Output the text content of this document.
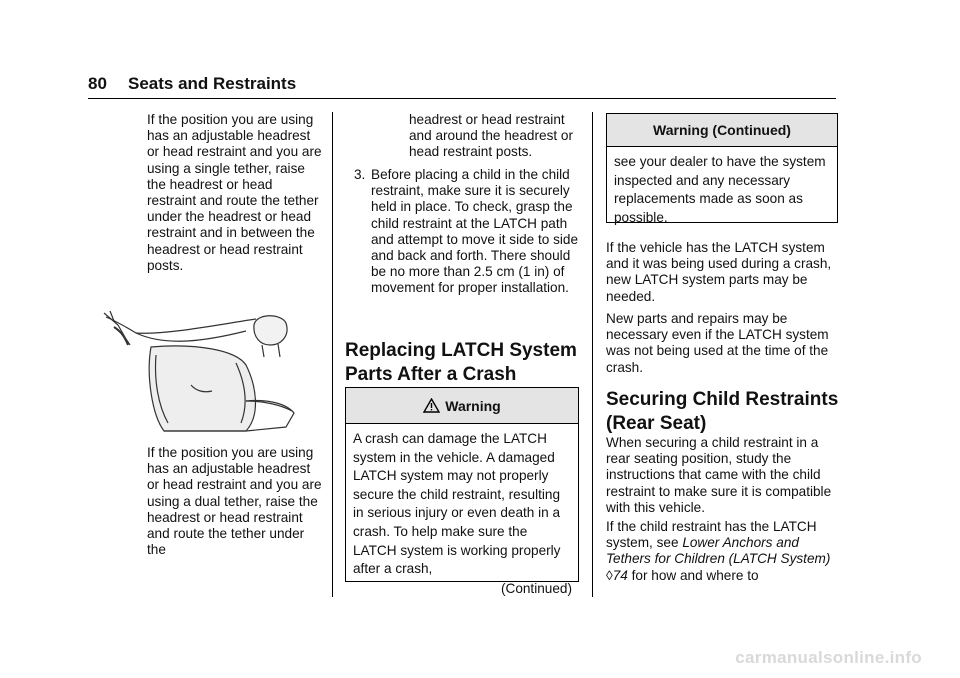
80 Seats and Restraints
If the position you are using has an adjustable headrest or head restraint and you are using a single tether, raise the headrest or head restraint and route the tether under the headrest or head restraint and in between the headrest or head restraint posts.
If the position you are using has an adjustable headrest or head restraint and you are using a dual tether, raise the headrest or head restraint and route the tether under the
headrest or head restraint and around the headrest or head restraint posts.
3. Before placing a child in the child restraint, make sure it is securely held in place. To check, grasp the child restraint at the LATCH path and attempt to move it side to side and back and forth. There should be no more than 2.5 cm (1 in) of movement for proper installation.
Replacing LATCH System Parts After a Crash
Warning
A crash can damage the LATCH system in the vehicle. A damaged LATCH system may not properly secure the child restraint, resulting in serious injury or even death in a crash. To help make sure the LATCH system is working properly after a crash,
(Continued)
Warning (Continued)
see your dealer to have the system inspected and any necessary replacements made as soon as possible.
If the vehicle has the LATCH system and it was being used during a crash, new LATCH system parts may be needed.
New parts and repairs may be necessary even if the LATCH system was not being used at the time of the crash.
Securing Child Restraints (Rear Seat)
When securing a child restraint in a rear seating position, study the instructions that came with the child restraint to make sure it is compatible with this vehicle.
If the child restraint has the LATCH system, see Lower Anchors and Tethers for Children (LATCH System) ◊74 for how and where to
carmanualsonline.info
